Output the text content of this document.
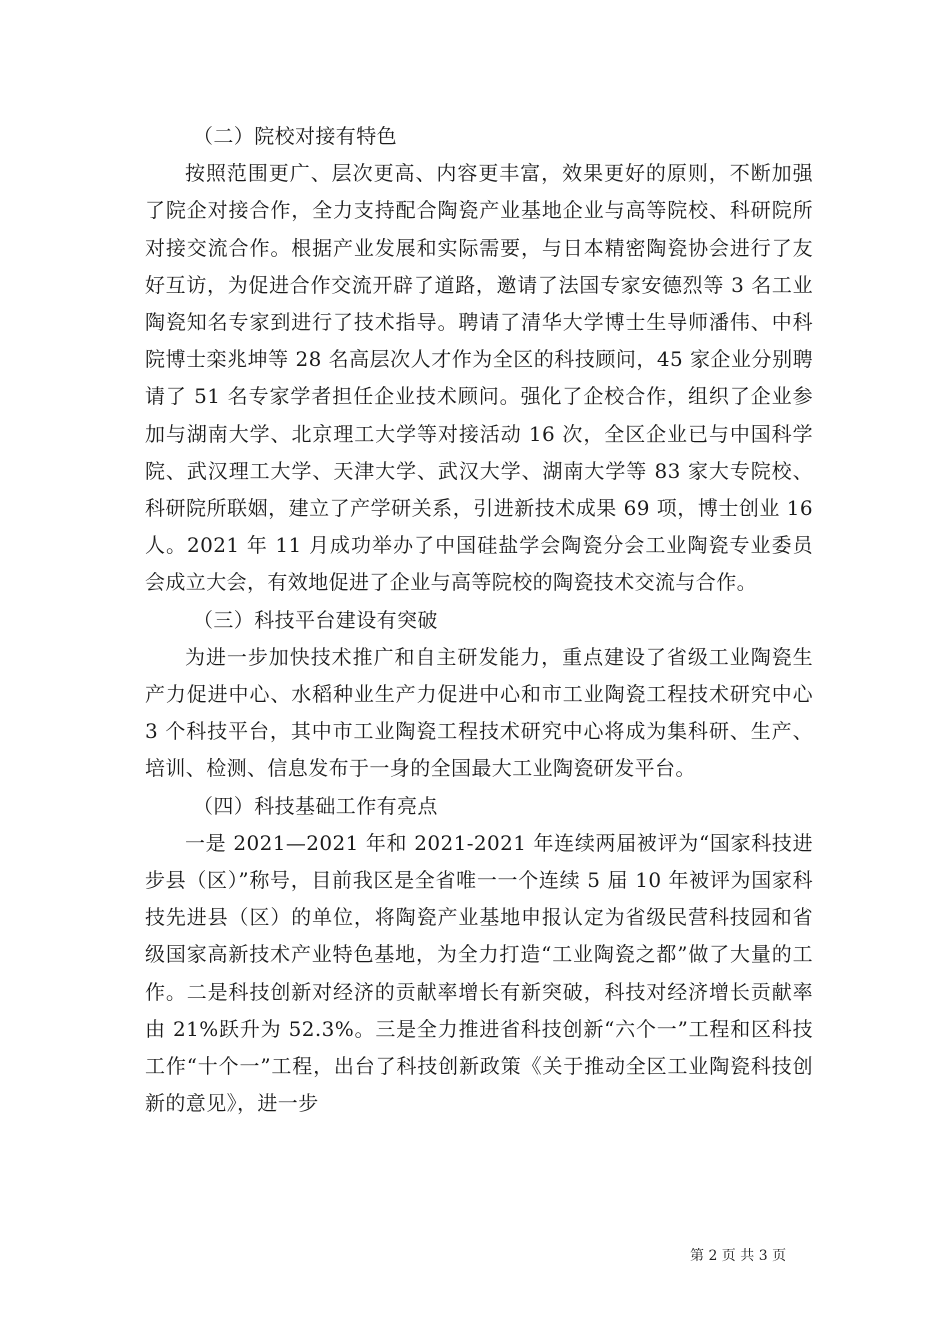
（二）院校对接有特色

按照范围更广、层次更高、内容更丰富，效果更好的原则，不断加强了院企对接合作，全力支持配合陶瓷产业基地企业与高等院校、科研院所对接交流合作。根据产业发展和实际需要，与日本精密陶瓷协会进行了友好互访，为促进合作交流开辟了道路，邀请了法国专家安德烈等 3 名工业陶瓷知名专家到进行了技术指导。聘请了清华大学博士生导师潘伟、中科院博士栾兆坤等 28 名高层次人才作为全区的科技顾问，45 家企业分别聘请了 51 名专家学者担任企业技术顾问。强化了企校合作，组织了企业参加与湖南大学、北京理工大学等对接活动 16 次，全区企业已与中国科学院、武汉理工大学、天津大学、武汉大学、湖南大学等 83 家大专院校、科研院所联姻，建立了产学研关系，引进新技术成果 69 项，博士创业 16 人。2021 年 11 月成功举办了中国硅盐学会陶瓷分会工业陶瓷专业委员会成立大会，有效地促进了企业与高等院校的陶瓷技术交流与合作。

（三）科技平台建设有突破

为进一步加快技术推广和自主研发能力，重点建设了省级工业陶瓷生产力促进中心、水稻种业生产力促进中心和市工业陶瓷工程技术研究中心 3 个科技平台，其中市工业陶瓷工程技术研究中心将成为集科研、生产、培训、检测、信息发布于一身的全国最大工业陶瓷研发平台。

（四）科技基础工作有亮点

一是 2021—2021 年和 2021-2021 年连续两届被评为“国家科技进步县（区）”称号，目前我区是全省唯一一个连续 5 届 10 年被评为国家科技先进县（区）的单位，将陶瓷产业基地申报认定为省级民营科技园和省级国家高新技术产业特色基地，为全力打造“工业陶瓷之都”做了大量的工作。二是科技创新对经济的贡献率增长有新突破，科技对经济增长贡献率由 21%跃升为 52.3%。三是全力推进省科技创新“六个一”工程和区科技工作“十个一”工程，出台了科技创新政策《关于推动全区工业陶瓷科技创新的意见》，进一步

第 2 页 共 3 页
